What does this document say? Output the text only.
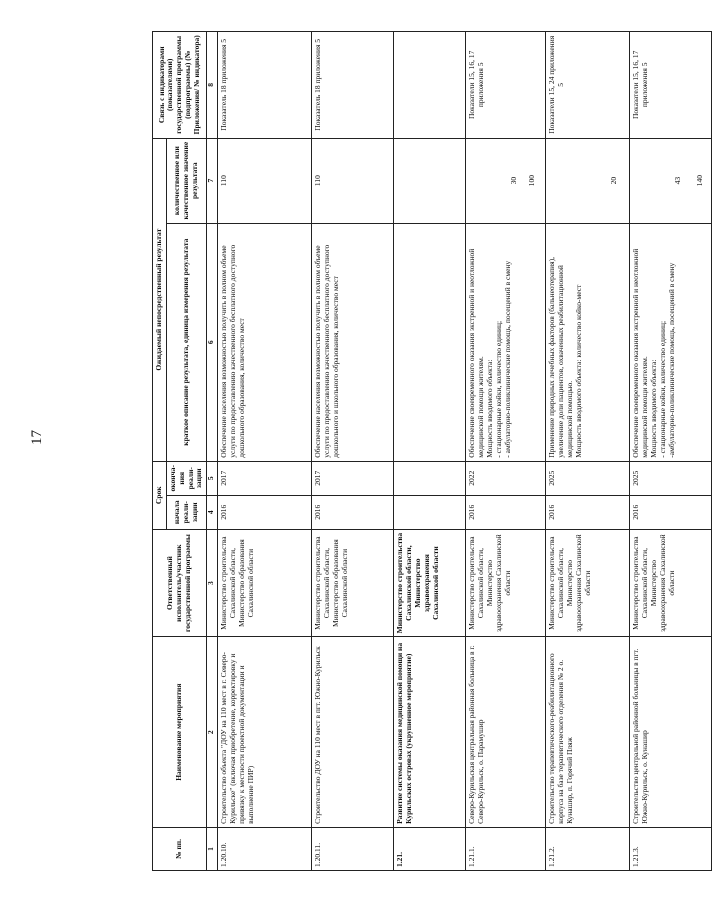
17
№ пп.	Наименование мероприятия	Ответственный исполнитель/участник государственной программы	Срок		Ожидаемый непосредственный результат		Связь с индикаторами (показателями) государственной программы (подпрограммы) (№ Приложения/ № индикатора)
			начала реали-зации	оконча-ния реали-зации	краткое описание результата, единица измерения результата	количественное или качественное значение результата	
1	2	3	4	5	6	7	8
1.20.10.	Строительство объекта "ДОУ на 110 мест в г. Северо-Курильске" (включая приобретение, корректировку и привязку к местности проектной документации и выполнение ПИР)	Министерство строительства Сахалинской области, Министерство образования Сахалинской области	2016	2017	Обеспечение населения возможностью получить в полном объеме услуги по предоставлению качественного бесплатного доступного дошкольного образования, количество мест	110	Показатель 18 приложения 5
1.20.11.	Строительство ДОУ на 110 мест в пгт. Южно-Курильск	Министерство строительства Сахалинской области, Министерство образования Сахалинской области	2016	2017	Обеспечение населения возможностью получить в полном объеме услуги по предоставлению качественного бесплатного доступного дошкольного и школьного образования, количество мест	110	Показатель 18 приложения 5
1.21.	Развитие системы оказания медицинской помощи на Курильских островах (укрупненное мероприятие)	Министерство строительства Сахалинской области, Министерство здравоохранения Сахалинской области					
1.21.1.	Северо-Курильская центральная районная больница в г. Северо-Курильск, о. Парамушир	Министерство строительства Сахалинской области, Министерство здравоохранения Сахалинской области	2016	2022	Обеспечение своевременного оказания экстренной и неотложной медицинской помощи жителям.
Мощность вводимого объекта:
- стационарные койки, количество единиц;
- амбулаторно-поликлинические помощь, посещений в смену	30 100	Показатели 15, 16, 17 приложения 5
1.21.2.	Строительство терапевтического-реабилитационного корпуса на базе терапевтического отделения № 2 о. Кунашир, п. Горячий Пляж	Министерство строительства Сахалинской области, Министерство здравоохранения Сахалинской области	2016	2025	Применение природных лечебных факторов (бальнеотерапия), увеличение доли пациентов, охваченных реабилитационной медицинской помощью.
Мощность вводимого объекта: количество койко-мест	20	Показатели 15, 24 приложения 5
1.21.3.	Строительство центральной районной больницы в пгт. Южно-Курильск, о. Кунашир	Министерство строительства Сахалинской области, Министерство здравоохранения Сахалинской области	2016	2025	Обеспечение своевременного оказания экстренной и неотложной медицинской помощи жителям.
Мощность вводимого объекта:
- стационарные койки, количество единиц;
-амбулаторно-поликлинические помощь, посещений в смену	43 140	Показатели 15, 16, 17 приложения 5
